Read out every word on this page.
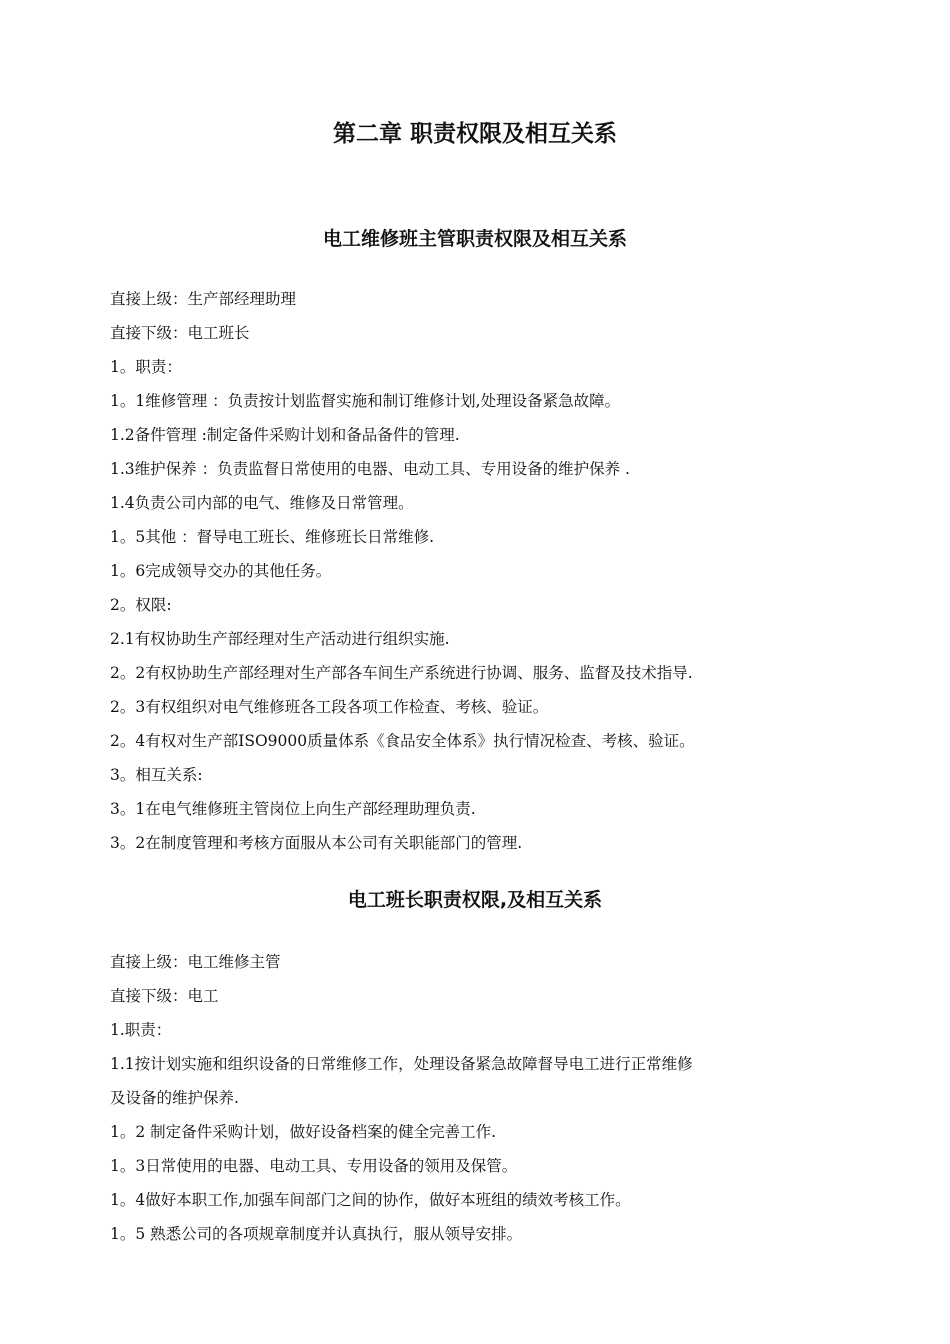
第二章 职责权限及相互关系
电工维修班主管职责权限及相互关系
直接上级：生产部经理助理
直接下级：电工班长
1。职责：
1。1维修管理 ：负责按计划监督实施和制订维修计划,处理设备紧急故障。
1.2备件管理 :制定备件采购计划和备品备件的管理.
1.3维护保养 ：负责监督日常使用的电器、电动工具、专用设备的维护保养 .
1.4负责公司内部的电气、维修及日常管理。
1。5其他 ：督导电工班长、维修班长日常维修.
1。6完成领导交办的其他任务。
2。权限:
2.1有权协助生产部经理对生产活动进行组织实施.
2。2有权协助生产部经理对生产部各车间生产系统进行协调、服务、监督及技术指导.
2。3有权组织对电气维修班各工段各项工作检查、考核、验证。
2。4有权对生产部ISO9000质量体系《食品安全体系》执行情况检查、考核、验证。
3。相互关系:
3。1在电气维修班主管岗位上向生产部经理助理负责.
3。2在制度管理和考核方面服从本公司有关职能部门的管理.
电工班长职责权限,及相互关系
直接上级：电工维修主管
直接下级：电工
1.职责：
1.1按计划实施和组织设备的日常维修工作，处理设备紧急故障督导电工进行正常维修
及设备的维护保养.
1。2 制定备件采购计划，做好设备档案的健全完善工作.
1。3日常使用的电器、电动工具、专用设备的领用及保管。
1。4做好本职工作,加强车间部门之间的协作，做好本班组的绩效考核工作。
1。5 熟悉公司的各项规章制度并认真执行，服从领导安排。
